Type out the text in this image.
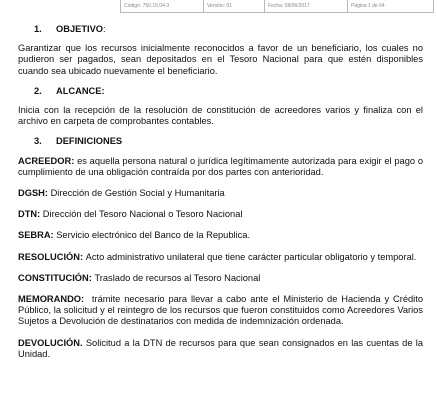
Código: 750.15.04-3	Versión: 01	Fecha: 08/06/2017	Página 1 de 64
1. OBJETIVO:

Garantizar que los recursos inicialmente reconocidos a favor de un beneficiario, los cuales no pudieron ser pagados, sean depositados en el Tesoro Nacional para que estén disponibles cuando sea ubicado nuevamente el beneficiario.

2. ALCANCE:

Inicia con la recepción de la resolución de constitución de acreedores varios y finaliza con el archivo en carpeta de comprobantes contables.

3. DEFINICIONES

ACREEDOR: es aquella persona natural o jurídica legítimamente autorizada para exigir el pago o cumplimiento de una obligación contraída por dos partes con anterioridad.

DGSH: Dirección de Gestión Social y Humanitaria

DTN: Dirección del Tesoro Nacional o Tesoro Nacional

SEBRA: Servicio electrónico del Banco de la Republica.

RESOLUCIÓN: Acto administrativo unilateral que tiene carácter particular obligatorio y temporal.

CONSTITUCIÓN: Traslado de recursos al Tesoro Nacional

MEMORANDO:  trámite necesario para llevar a cabo ante el Ministerio de Hacienda y Crédito Público, la solicitud y el reintegro de los recursos que fueron constituidos como Acreedores Varios Sujetos a Devolución de destinatarios con medida de indemnización ordenada.

DEVOLUCIÓN. Solicitud a la DTN de recursos para que sean consignados en las cuentas de la Unidad.
